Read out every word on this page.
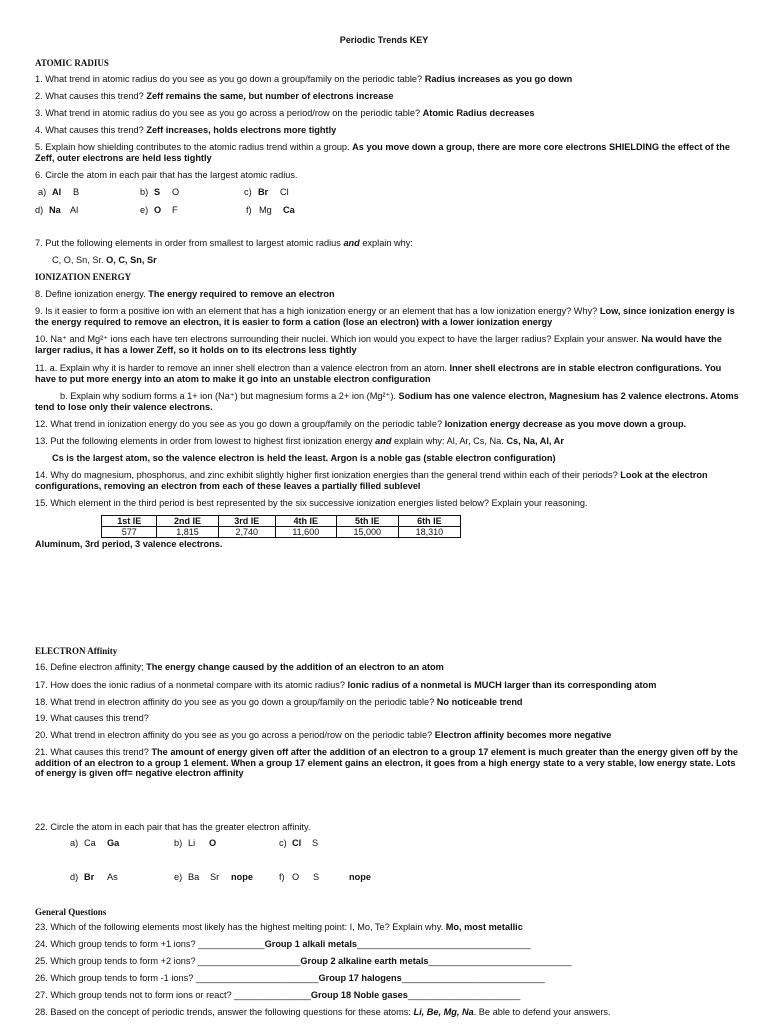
Periodic Trends KEY
ATOMIC RADIUS
1. What trend in atomic radius do you see as you go down a group/family on the periodic table? Radius increases as you go down
2. What causes this trend? Zeff remains the same, but number of electrons increase
3. What trend in atomic radius do you see as you go across a period/row on the periodic table? Atomic Radius decreases
4. What causes this trend? Zeff increases, holds electrons more tightly
5. Explain how shielding contributes to the atomic radius trend within a group. As you move down a group, there are more core electrons SHIELDING the effect of the Zeff, outer electrons are held less tightly
6. Circle the atom in each pair that has the largest atomic radius.
a) Al B	b) S O	c) Br Cl
d) Na Al	e) O F	f) Mg Ca
7. Put the following elements in order from smallest to largest atomic radius and explain why:
C, O, Sn, Sr. O, C, Sn, Sr
IONIZATION ENERGY
8. Define ionization energy. The energy required to remove an electron
9. Is it easier to form a positive ion with an element that has a high ionization energy or an element that has a low ionization energy? Why? Low, since ionization energy is the energy required to remove an electron, it is easier to form a cation (lose an electron) with a lower ionization energy
10. Na⁺ and Mg²⁺ ions each have ten electrons surrounding their nuclei. Which ion would you expect to have the larger radius? Explain your answer. Na would have the larger radius, it has a lower Zeff, so it holds on to its electrons less tightly
11. a. Explain why it is harder to remove an inner shell electron than a valence electron from an atom. Inner shell electrons are in stable electron configurations. You have to put more energy into an atom to make it go into an unstable electron configuration
b. Explain why sodium forms a 1+ ion (Na⁺) but magnesium forms a 2+ ion (Mg²⁺). Sodium has one valence electron, Magnesium has 2 valence electrons. Atoms tend to lose only their valence electrons.
12. What trend in ionization energy do you see as you go down a group/family on the periodic table? Ionization energy decrease as you move down a group.
13. Put the following elements in order from lowest to highest first ionization energy and explain why: Al, Ar, Cs, Na. Cs, Na, Al, Ar
Cs is the largest atom, so the valence electron is held the least. Argon is a noble gas (stable electron configuration)
14. Why do magnesium, phosphorus, and zinc exhibit slightly higher first ionization energies than the general trend within each of their periods? Look at the electron configurations, removing an electron from each of these leaves a partially filled sublevel
15. Which element in the third period is best represented by the six successive ionization energies listed below? Explain your reasoning.
1st IE	2nd IE	3rd IE	4th IE	5th IE	6th IE
577	1,815	2,740	11,600	15,000	18,310
Aluminum, 3rd period, 3 valence electrons.
ELECTRON Affinity
16. Define electron affinity; The energy change caused by the addition of an electron to an atom
17. How does the ionic radius of a nonmetal compare with its atomic radius? Ionic radius of a nonmetal is MUCH larger than its corresponding atom
18. What trend in electron affinity do you see as you go down a group/family on the periodic table? No noticeable trend
19. What causes this trend?
20. What trend in electron affinity do you see as you go across a period/row on the periodic table? Electron affinity becomes more negative
21. What causes this trend? The amount of energy given off after the addition of an electron to a group 17 element is much greater than the energy given off by the addition of an electron to a group 1 element. When a group 17 element gains an electron, it goes from a high energy state to a very stable, low energy state. Lots of energy is given off= negative electron affinity
22. Circle the atom in each pair that has the greater electron affinity.
a) Ca Ga	b) Li O	c) Cl S
d) Br As	e) Ba Sr nope	f) O S	nope
General Questions
23. Which of the following elements most likely has the highest melting point: I, Mo, Te? Explain why. Mo, most metallic
24. Which group tends to form +1 ions? _____________Group 1 alkali metals__________________________________
25. Which group tends to form +2 ions? ____________________Group 2 alkaline earth metals____________________________
26. Which group tends to form -1 ions? ________________________Group 17 halogens____________________________
27. Which group tends not to form ions or react? _______________Group 18 Noble gases______________________
28. Based on the concept of periodic trends, answer the following questions for these atoms: Li, Be, Mg, Na. Be able to defend your answers.
